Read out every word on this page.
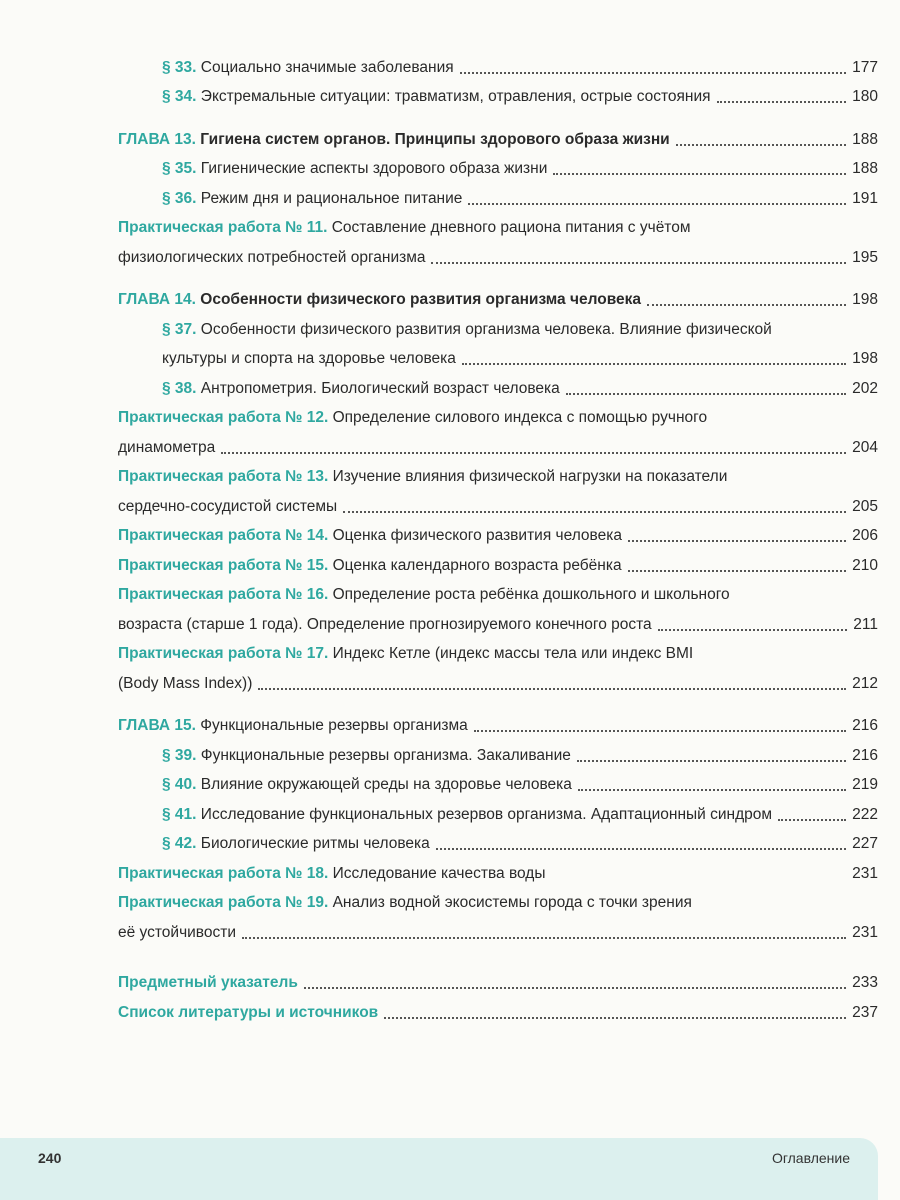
§ 33.
Социально значимые заболевания	177
§ 34.
Экстремальные ситуации: травматизм, отравления, острые состояния	180
ГЛАВА 13.
Гигиена систем органов. Принципы здорового образа жизни	188
§ 35.
Гигиенические аспекты здорового образа жизни	188
§ 36.
Режим дня и рациональное питание	191
Практическая работа № 11.
Составление дневного рациона питания с учётом
физиологических потребностей организма	195
ГЛАВА 14.
Особенности физического развития организма человека	198
§ 37.
Особенности физического развития организма человека. Влияние физической
культуры и спорта на здоровье человека	198
§ 38.
Антропометрия. Биологический возраст человека	202
Практическая работа № 12.
Определение силового индекса с помощью ручного
динамометра	204
Практическая работа № 13.
Изучение влияния физической нагрузки на показатели
сердечно-сосудистой системы	205
Практическая работа № 14.
Оценка физического развития человека	206
Практическая работа № 15.
Оценка календарного возраста ребёнка	210
Практическая работа № 16.
Определение роста ребёнка дошкольного и школьного
возраста (старше 1 года). Определение прогнозируемого конечного роста	211
Практическая работа № 17.
Индекс Кетле (индекс массы тела или индекс BMI
(Body Mass Index))	212
ГЛАВА 15.
Функциональные резервы организма	216
§ 39.
Функциональные резервы организма. Закаливание	216
§ 40.
Влияние окружающей среды на здоровье человека	219
§ 41.
Исследование функциональных резервов организма. Адаптационный синдром	222
§ 42.
Биологические ритмы человека	227
Практическая работа № 18.
Исследование качества воды	231
Практическая работа № 19.
Анализ водной экосистемы города с точки зрения
её устойчивости	231
Предметный указатель	233
Список литературы и источников	237
240	Оглавление
